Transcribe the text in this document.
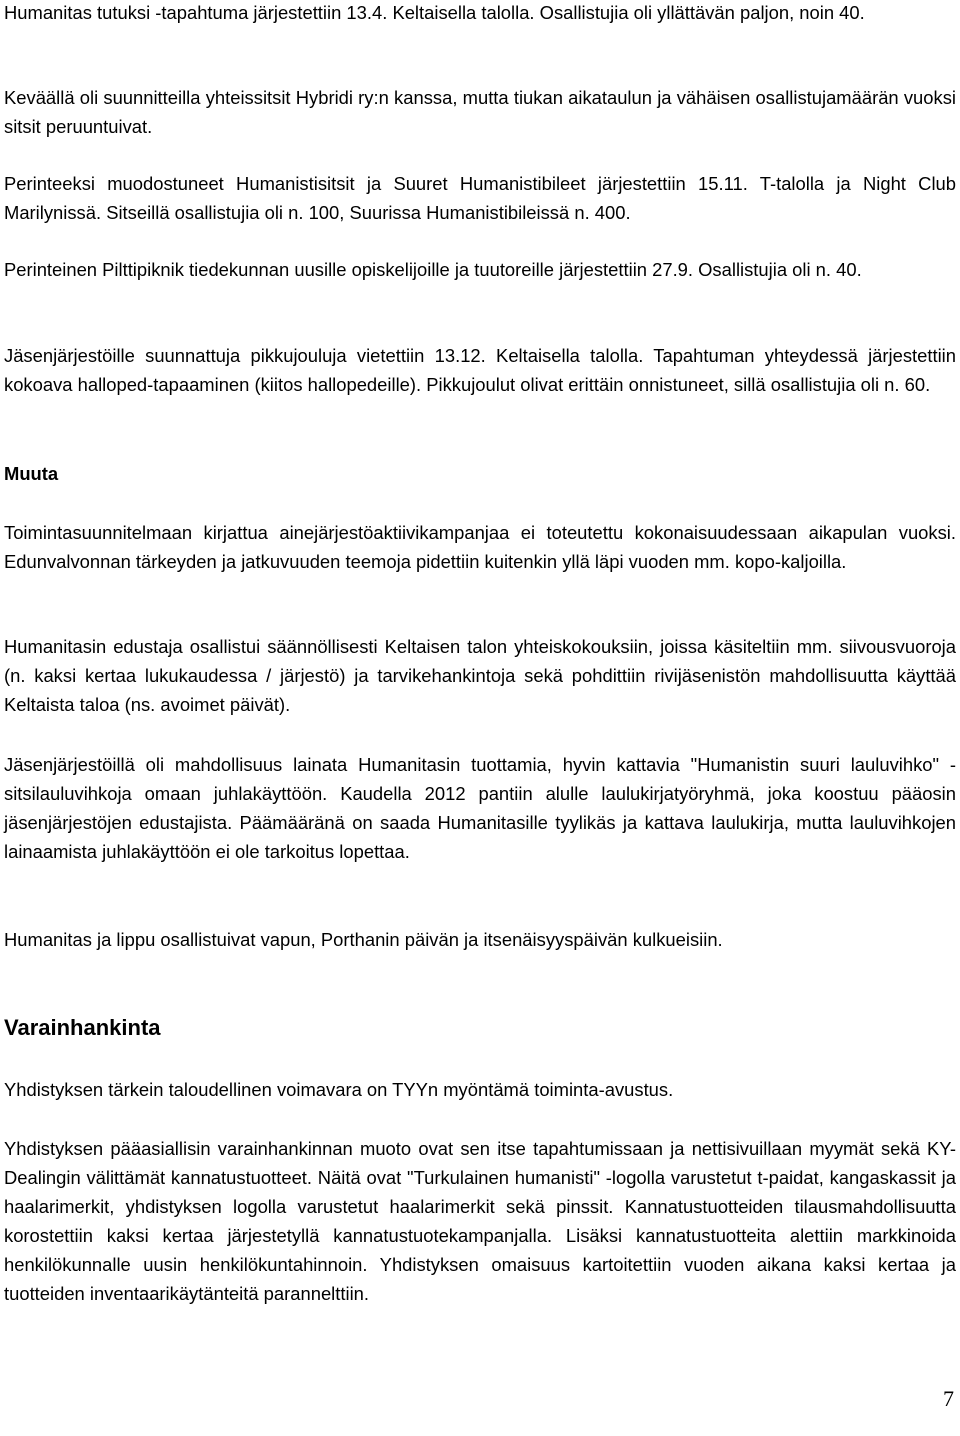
Humanitas tutuksi -tapahtuma järjestettiin 13.4. Keltaisella talolla. Osallistujia oli yllättävän paljon, noin 40.

Keväällä oli suunnitteilla yhteissitsit Hybridi ry:n kanssa, mutta tiukan aikataulun ja vähäisen osallistujamäärän vuoksi sitsit peruuntuivat.

Perinteeksi muodostuneet Humanistisitsit ja Suuret Humanistibileet järjestettiin 15.11. T-talolla ja Night Club Marilynissä. Sitseillä osallistujia oli n. 100, Suurissa Humanistibileissä n. 400.

Perinteinen Pilttipiknik tiedekunnan uusille opiskelijoille ja tuutoreille järjestettiin 27.9. Osallistujia oli n. 40.

Jäsenjärjestöille suunnattuja pikkujouluja vietettiin 13.12. Keltaisella talolla. Tapahtuman yhteydessä järjestettiin kokoava halloped-tapaaminen (kiitos hallopedeille). Pikkujoulut olivat erittäin onnistuneet, sillä osallistujia oli n. 60.

Muuta

Toimintasuunnitelmaan kirjattua ainejärjestöaktiivikampanjaa ei toteutettu kokonaisuudessaan aikapulan vuoksi. Edunvalvonnan tärkeyden ja jatkuvuuden teemoja pidettiin kuitenkin yllä läpi vuoden mm. kopo-kaljoilla.

Humanitasin edustaja osallistui säännöllisesti Keltaisen talon yhteiskokouksiin, joissa käsiteltiin mm. siivousvuoroja (n. kaksi kertaa lukukaudessa / järjestö) ja tarvikehankintoja sekä pohdittiin rivijäsenistön mahdollisuutta käyttää Keltaista taloa (ns. avoimet päivät).

Jäsenjärjestöillä oli mahdollisuus lainata Humanitasin tuottamia, hyvin kattavia "Humanistin suuri lauluvihko" -sitsilauluvihkoja omaan juhlakäyttöön. Kaudella 2012 pantiin alulle laulukirjatyöryhmä, joka koostuu pääosin jäsenjärjestöjen edustajista. Päämääränä on saada Humanitasille tyylikäs ja kattava laulukirja, mutta lauluvihkojen lainaamista juhlakäyttöön ei ole tarkoitus lopettaa.

Humanitas ja lippu osallistuivat vapun, Porthanin päivän ja itsenäisyyspäivän kulkueisiin.

Varainhankinta

Yhdistyksen tärkein taloudellinen voimavara on TYYn myöntämä toiminta-avustus.

Yhdistyksen pääasiallisin varainhankinnan muoto ovat sen itse tapahtumissaan ja nettisivuillaan myymät sekä KY-Dealingin välittämät kannatustuotteet. Näitä ovat "Turkulainen humanisti" -logolla varustetut t-paidat, kangaskassit ja haalarimerkit, yhdistyksen logolla varustetut haalarimerkit sekä pinssit. Kannatustuotteiden tilausmahdollisuutta korostettiin kaksi kertaa järjestetyllä kannatustuotekampanjalla. Lisäksi kannatustuotteita alettiin markkinoida henkilökunnalle uusin henkilökuntahinnoin. Yhdistyksen omaisuus kartoitettiin vuoden aikana kaksi kertaa ja tuotteiden inventaarikäytänteitä parannelttiin.

7
